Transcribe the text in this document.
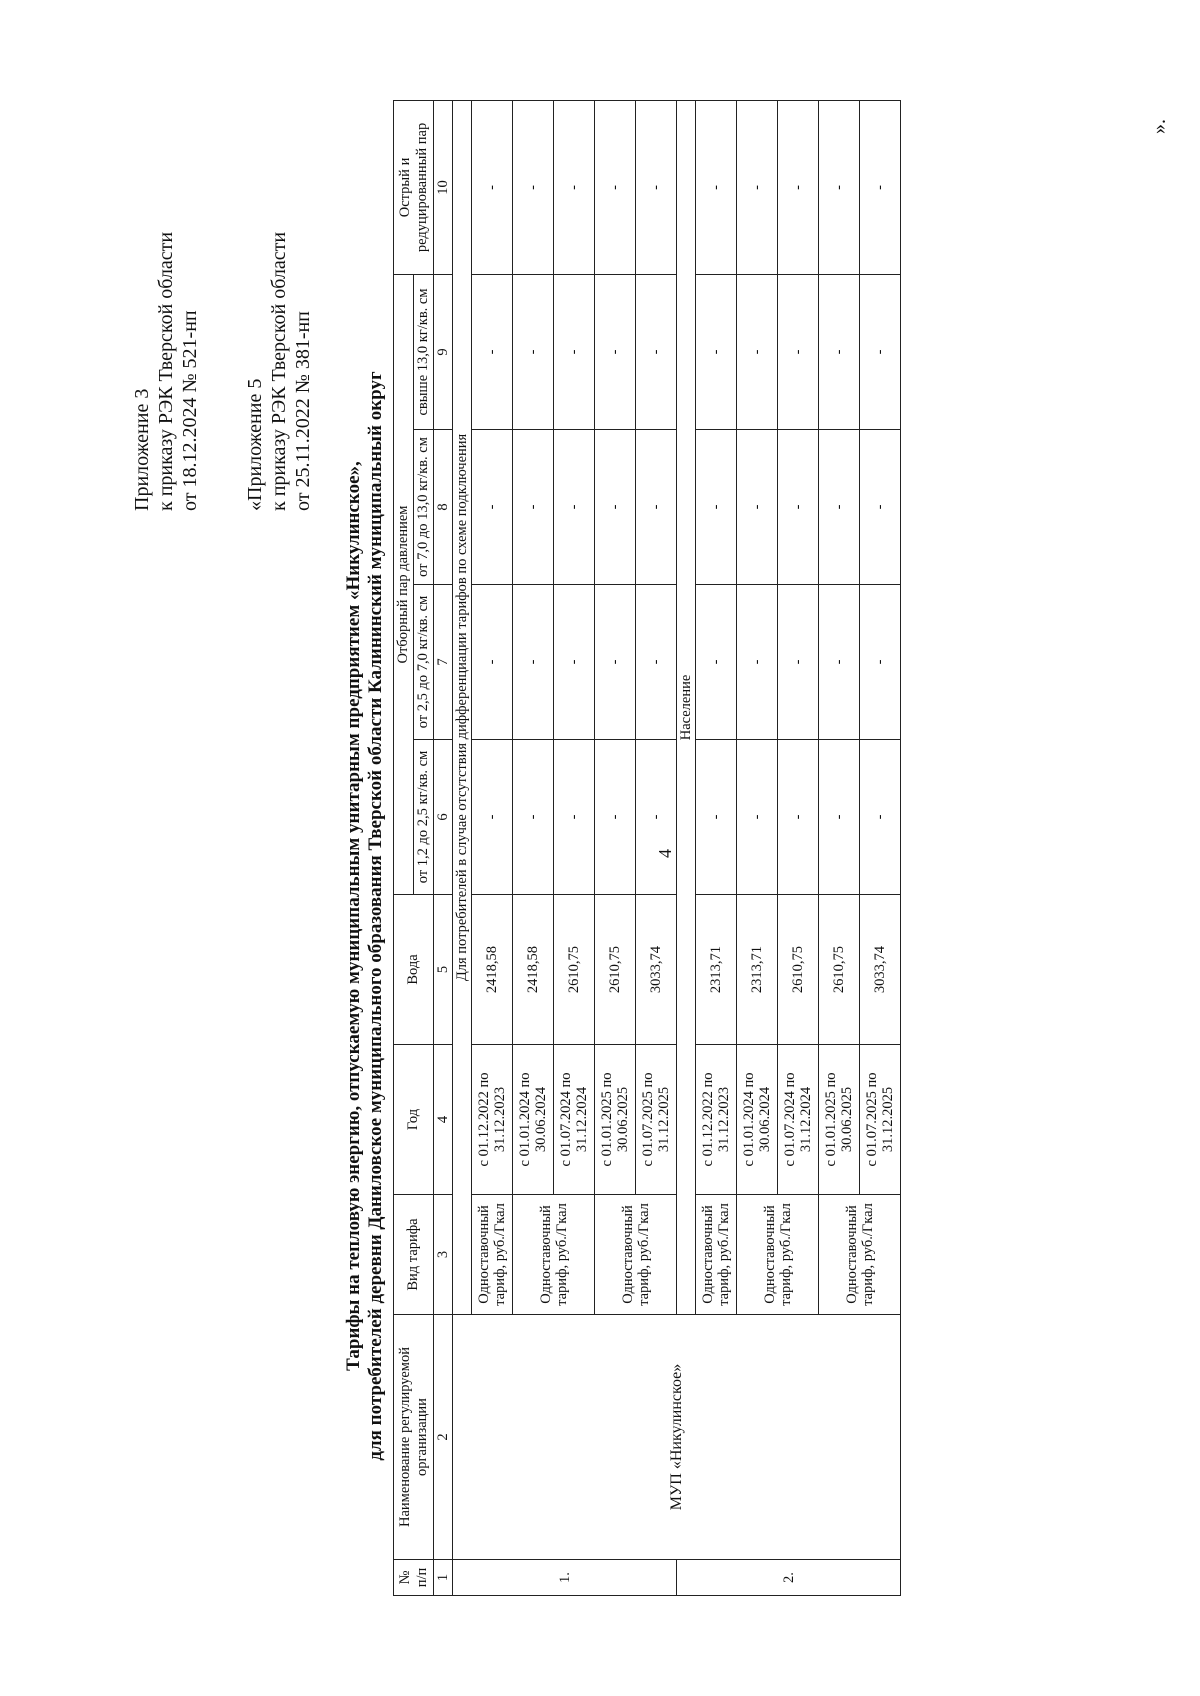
4
Приложение 3 к приказу РЭК Тверской области от 18.12.2024 № 521-нп «Приложение 5 к приказу РЭК Тверской области от 25.11.2022 № 381-нп
Тарифы на тепловую энергию, отпускаемую муниципальным унитарным предприятием «Никулинское», для потребителей деревни Даниловское муниципального образования Тверской области Калининский муниципальный округ
№ п/п	Наименование регулируемой организации	Вид тарифа	Год	Вода	Отборный пар давлением				Острый и редуцированный пар
					от 1,2 до 2,5 кг/кв. см	от 2,5 до 7,0 кг/кв. см	от 7,0 до 13,0 кг/кв. см	свыше 13,0 кг/кв. см	
1	2	3	4	5	6	7	8	9	10
1.	МУП «Никулинское»	Для потребителей в случае отсутствия дифференциации тарифов по схеме подключения							
		Одноставочный тариф, руб./Гкал	с 01.12.2022 по 31.12.2023	2418,58	-	-	-	-	-
		Одноставочный тариф, руб./Гкал	с 01.01.2024 по 30.06.2024	2418,58	-	-	-	-	-
			с 01.07.2024 по 31.12.2024	2610,75	-	-	-	-	-
		Одноставочный тариф, руб./Гкал	с 01.01.2025 по 30.06.2025	2610,75	-	-	-	-	-
			с 01.07.2025 по 31.12.2025	3033,74	-	-	-	-	-
2.		Население							
		Одноставочный тариф, руб./Гкал	с 01.12.2022 по 31.12.2023	2313,71	-	-	-	-	-
		Одноставочный тариф, руб./Гкал	с 01.01.2024 по 30.06.2024	2313,71	-	-	-	-	-
			с 01.07.2024 по 31.12.2024	2610,75	-	-	-	-	-
		Одноставочный тариф, руб./Гкал	с 01.01.2025 по 30.06.2025	2610,75	-	-	-	-	-
			с 01.07.2025 по 31.12.2025	3033,74	-	-	-	-	-
».
